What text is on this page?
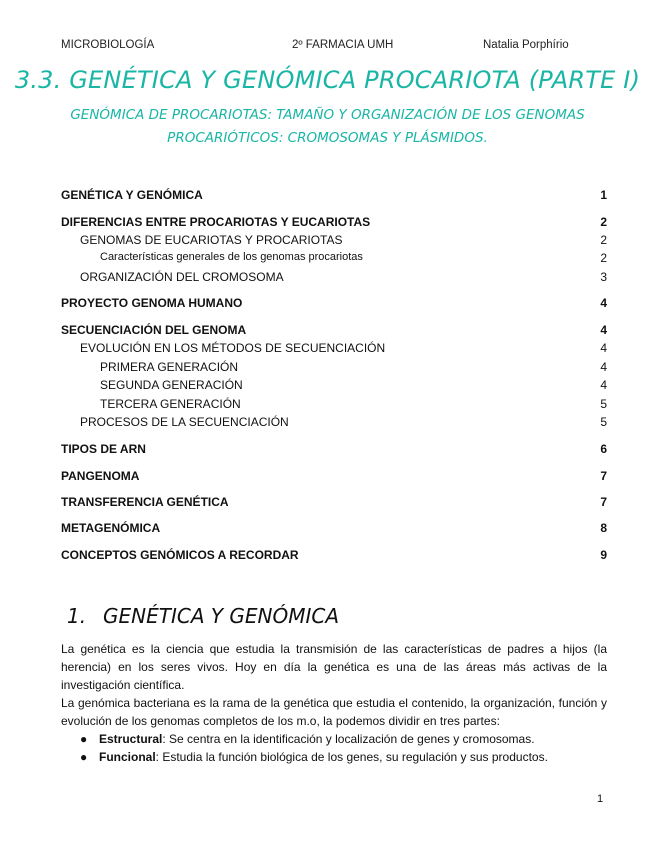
MICROBIOLOGÍA	2º FARMACIA UMH	Natalia Porphírio
3.3. GENÉTICA Y GENÓMICA PROCARIOTA (PARTE I)
GENÓMICA DE PROCARIOTAS: TAMAÑO Y ORGANIZACIÓN DE LOS GENOMAS PROCARIÓTICOS: CROMOSOMAS Y PLÁSMIDOS.
GENÉTICA Y GENÓMICA	1
DIFERENCIAS ENTRE PROCARIOTAS Y EUCARIOTAS	2
GENOMAS DE EUCARIOTAS Y PROCARIOTAS	2
Características generales de los genomas procariotas	2
ORGANIZACIÓN DEL CROMOSOMA	3
PROYECTO GENOMA HUMANO	4
SECUENCIACIÓN DEL GENOMA	4
EVOLUCIÓN EN LOS MÉTODOS DE SECUENCIACIÓN	4
PRIMERA GENERACIÓN	4
SEGUNDA GENERACIÓN	4
TERCERA GENERACIÓN	5
PROCESOS DE LA SECUENCIACIÓN	5
TIPOS DE ARN	6
PANGENOMA	7
TRANSFERENCIA GENÉTICA	7
METAGENÓMICA	8
CONCEPTOS GENÓMICOS A RECORDAR	9
1. GENÉTICA Y GENÓMICA
La genética es la ciencia que estudia la transmisión de las características de padres a hijos (la herencia) en los seres vivos. Hoy en día la genética es una de las áreas más activas de la investigación científica.
La genómica bacteriana es la rama de la genética que estudia el contenido, la organización, función y evolución de los genomas completos de los m.o, la podemos dividir en tres partes:
● Estructural: Se centra en la identificación y localización de genes y cromosomas.
● Funcional: Estudia la función biológica de los genes, su regulación y sus productos.
1
